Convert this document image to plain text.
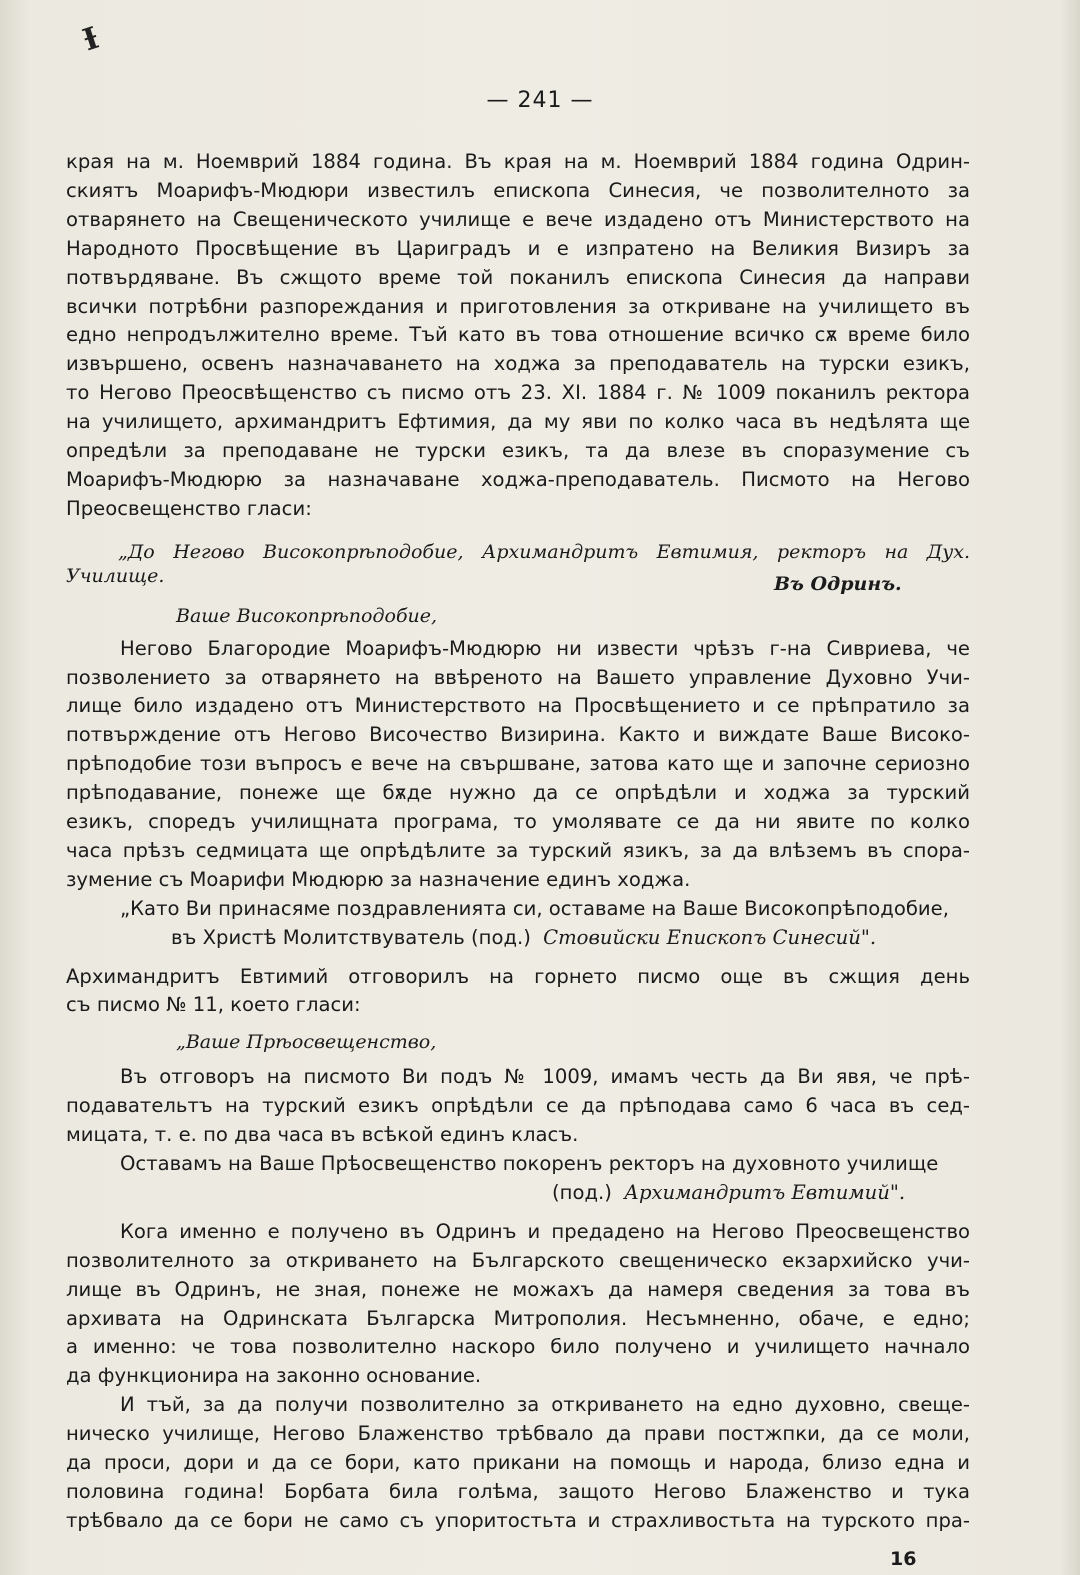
Ɨ
— 241 —
края на м. Ноемврий 1884 година. Въ края на м. Ноемврий 1884 година Одрин-
скиятъ Моарифъ-Мюдюри известилъ епископа Синесия, че позволителното за
отварянето на Свещеническото училище е вече издадено отъ Министерството на
Народното Просвѣщение въ Цариградъ и е изпратено на Великия Визиръ за
потвърдяване. Въ сжщото време той поканилъ епископа Синесия да направи
всички потрѣбни разпореждания и приготовления за откриване на училището въ
едно непродължително време. Тъй като въ това отношение всичко сѫ време било
извършено, освенъ назначаването на ходжа за преподаватель на турски езикъ,
то Негово Преосвѣщенство съ писмо отъ 23. XI. 1884 г. № 1009 поканилъ ректора
на училището, архимандритъ Ефтимия, да му яви по колко часа въ недѣлята ще
опредѣли за преподаване не турски езикъ, та да влезе въ споразумение съ
Моарифъ-Мюдюрю за назначаване ходжа-преподаватель. Писмото на Негово
Преосвещенство гласи:
„До Негово Високопрѣподобие, Архимандритъ Евтимия, ректоръ на Дух.
Училище.	Въ Одринъ.
Ваше Високопрѣподобие,
Негово Благородие Моарифъ-Мюдюрю ни извести чрѣзъ г-на Сивриева, че
позволението за отварянето на ввѣреното на Вашето управление Духовно Учи-
лище било издадено отъ Министерството на Просвѣщението и се прѣпратило за
потвърждение отъ Негово Височество Визирина. Както и виждате Ваше Високо-
прѣподобие този въпросъ е вече на свършване, затова като ще и започне сериозно
прѣподавание, понеже ще бѫде нужно да се опрѣдѣли и ходжа за турский
езикъ, споредъ училищната програма, то умолявате се да ни явите по колко
часа прѣзъ седмицата ще опрѣдѣлите за турский язикъ, за да влѣземъ въ спора-
зумение съ Моарифи Мюдюрю за назначение единъ ходжа.
„Като Ви принасяме поздравленията си, оставаме на Ваше Високопрѣподобие,
въ Христѣ Молитствуватель (под.) Стовийски Епископъ Синесий".
Архимандритъ Евтимий отговорилъ на горнето писмо още въ сжщия день
съ писмо № 11, което гласи:
„Ваше Прѣосвещенство,
Въ отговоръ на писмото Ви подъ № 1009, имамъ честь да Ви явя, че прѣ-
подавательтъ на турский езикъ опрѣдѣли се да прѣподава само 6 часа въ сед-
мицата, т. е. по два часа въ всѣкой единъ класъ.
Оставамъ на Ваше Прѣосвещенство покоренъ ректоръ на духовното училище
(под.) Архимандритъ Евтимий".
Кога именно е получено въ Одринъ и предадено на Негово Преосвещенство
позволителното за откриването на Българското свещеническо екзархийско учи-
лище въ Одринъ, не зная, понеже не можахъ да намеря сведения за това въ
архивата на Одринската Българска Митрополия. Несъмненно, обаче, е едно;
а именно: че това позволително наскоро било получено и училището начнало
да функционира на законно основание.
И тъй, за да получи позволително за откриването на едно духовно, свеще-
ническо училище, Негово Блаженство трѣбвало да прави постжпки, да се моли,
да проси, дори и да се бори, като прикани на помощь и народа, близо една и
половина година! Борбата била голѣма, защото Негово Блаженство и тука
трѣбвало да се бори не само съ упоритостьта и страхливостьта на турското пра-
16
